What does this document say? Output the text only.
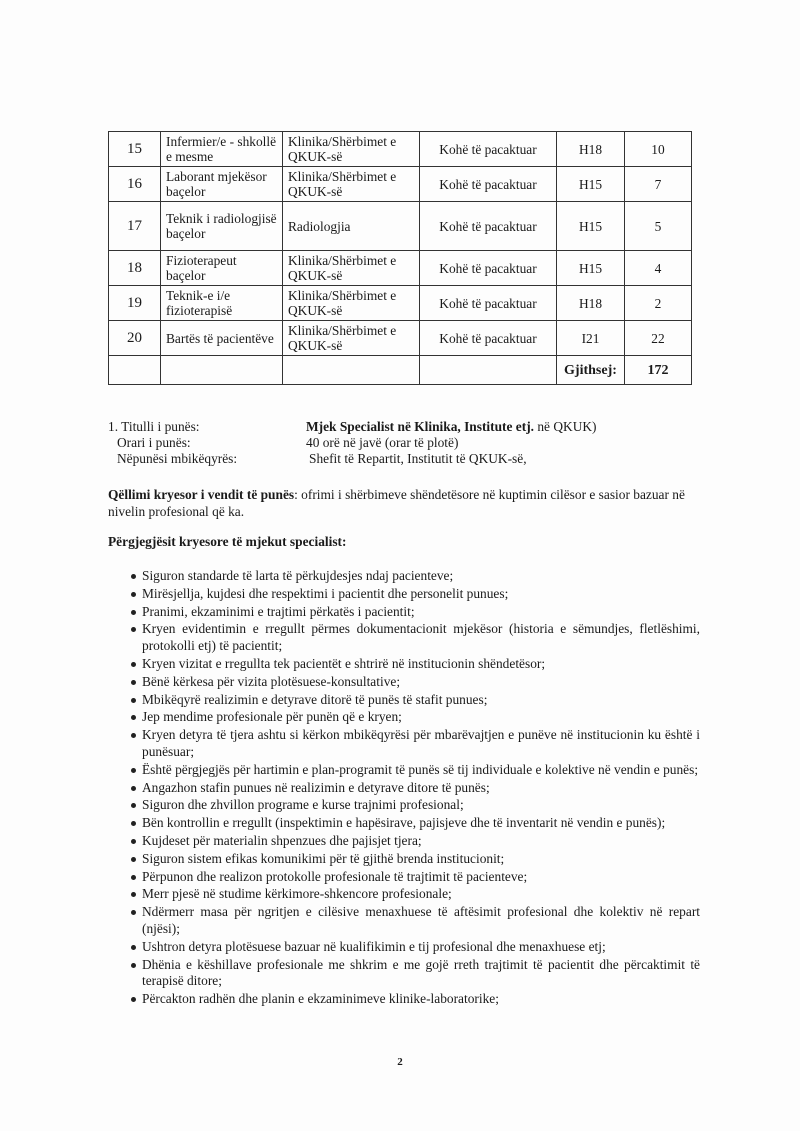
15	Infermier/e - shkollë e mesme	Klinika/Shërbimet e QKUK-së	Kohë të pacaktuar	H18	10
16	Laborant mjekësor baçelor	Klinika/Shërbimet e QKUK-së	Kohë të pacaktuar	H15	7
17	Teknik i radiologjisë baçelor	Radiologjia	Kohë të pacaktuar	H15	5
18	Fizioterapeut baçelor	Klinika/Shërbimet e QKUK-së	Kohë të pacaktuar	H15	4
19	Teknik-e i/e fizioterapisë	Klinika/Shërbimet e QKUK-së	Kohë të pacaktuar	H18	2
20	Bartës të pacientëve	Klinika/Shërbimet e QKUK-së	Kohë të pacaktuar	I21	22
				Gjithsej:	172
1. Titulli i punës:	Mjek Specialist në Klinika, Institute etj. në QKUK)
Orari i punës:	40 orë në javë (orar të plotë)
Nëpunësi mbikëqyrës:	Shefit të Repartit, Institutit të QKUK-së,
Qëllimi kryesor i vendit të punës: ofrimi i shërbimeve shëndetësore në kuptimin cilësor e sasior bazuar në nivelin profesional që ka.
Përgjegjësit kryesore të mjekut specialist:
Siguron standarde të larta të përkujdesjes ndaj pacienteve;
Mirësjellja, kujdesi dhe respektimi i pacientit dhe personelit punues;
Pranimi, ekzaminimi e trajtimi përkatës i pacientit;
Kryen evidentimin e rregullt përmes dokumentacionit mjekësor (historia e sëmundjes, fletlëshimi, protokolli etj) të pacientit;
Kryen vizitat e rregullta tek pacientët e shtrirë në institucionin shëndetësor;
Bënë kërkesa për vizita plotësuese-konsultative;
Mbikëqyrë realizimin e detyrave ditorë të punës të stafit punues;
Jep mendime profesionale për punën që e kryen;
Kryen detyra të tjera ashtu si kërkon mbikëqyrësi për mbarëvajtjen e punëve në institucionin ku është i punësuar;
Është përgjegjës për hartimin e plan-programit të punës së tij individuale e kolektive në vendin e punës;
Angazhon stafin punues në realizimin e detyrave ditore të punës;
Siguron dhe zhvillon programe e kurse trajnimi profesional;
Bën kontrollin e rregullt (inspektimin e hapësirave, pajisjeve dhe të inventarit në vendin e punës);
Kujdeset për materialin shpenzues dhe pajisjet tjera;
Siguron sistem efikas komunikimi për të gjithë brenda institucionit;
Përpunon dhe realizon protokolle profesionale të trajtimit të pacienteve;
Merr pjesë në studime kërkimore-shkencore profesionale;
Ndërmerr masa për ngritjen e cilësive menaxhuese të aftësimit profesional dhe kolektiv në repart (njësi);
Ushtron detyra plotësuese bazuar në kualifikimin e tij profesional dhe menaxhuese etj;
Dhënia e këshillave profesionale me shkrim e me gojë rreth trajtimit të pacientit dhe përcaktimit të terapisë ditore;
Përcakton radhën dhe planin e ekzaminimeve klinike-laboratorike;
2
